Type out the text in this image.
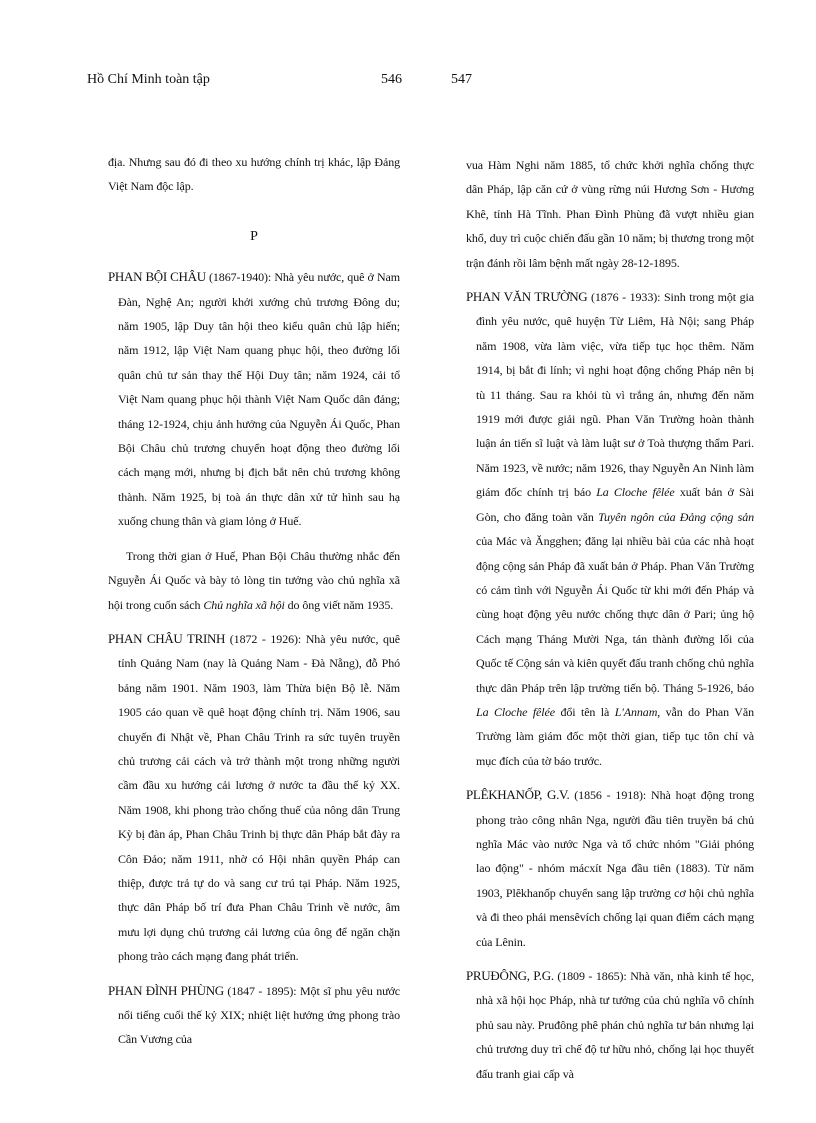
Hồ Chí Minh toàn tập	546	547

địa. Nhưng sau đó đi theo xu hướng chính trị khác, lập Đảng Việt Nam độc lập.

P

PHAN BỘI CHÂU (1867-1940): Nhà yêu nước, quê ở Nam Đàn, Nghệ An; người khởi xướng chủ trương Đông du; năm 1905, lập Duy tân hội theo kiểu quân chủ lập hiến; năm 1912, lập Việt Nam quang phục hội, theo đường lối quân chủ tư sản thay thế Hội Duy tân; năm 1924, cải tổ Việt Nam quang phục hội thành Việt Nam Quốc dân đảng; tháng 12-1924, chịu ảnh hưởng của Nguyễn Ái Quốc, Phan Bội Châu chủ trương chuyển hoạt động theo đường lối cách mạng mới, nhưng bị địch bắt nên chủ trương không thành. Năm 1925, bị toà án thực dân xử tử hình sau hạ xuống chung thân và giam lỏng ở Huế.

Trong thời gian ở Huế, Phan Bội Châu thường nhắc đến Nguyễn Ái Quốc và bày tỏ lòng tin tưởng vào chủ nghĩa xã hội trong cuốn sách Chủ nghĩa xã hội do ông viết năm 1935.

PHAN CHÂU TRINH (1872 - 1926): Nhà yêu nước, quê tỉnh Quảng Nam (nay là Quảng Nam - Đà Nẵng), đỗ Phó bảng năm 1901. Năm 1903, làm Thừa biện Bộ lễ. Năm 1905 cáo quan về quê hoạt động chính trị. Năm 1906, sau chuyến đi Nhật về, Phan Châu Trinh ra sức tuyên truyền chủ trương cải cách và trở thành một trong những người cầm đầu xu hướng cải lương ở nước ta đầu thế kỷ XX. Năm 1908, khi phong trào chống thuế của nông dân Trung Kỳ bị đàn áp, Phan Châu Trinh bị thực dân Pháp bắt đày ra Côn Đảo; năm 1911, nhờ có Hội nhân quyền Pháp can thiệp, được trả tự do và sang cư trú tại Pháp. Năm 1925, thực dân Pháp bố trí đưa Phan Châu Trinh về nước, âm mưu lợi dụng chủ trương cải lương của ông để ngăn chặn phong trào cách mạng đang phát triển.

PHAN ĐÌNH PHÙNG (1847 - 1895): Một sĩ phu yêu nước nổi tiếng cuối thế kỷ XIX; nhiệt liệt hưởng ứng phong trào Cần Vương của

vua Hàm Nghi năm 1885, tổ chức khởi nghĩa chống thực dân Pháp, lập căn cứ ở vùng rừng núi Hương Sơn - Hương Khê, tỉnh Hà Tĩnh. Phan Đình Phùng đã vượt nhiều gian khổ, duy trì cuộc chiến đấu gần 10 năm; bị thương trong một trận đánh rồi lâm bệnh mất ngày 28-12-1895.

PHAN VĂN TRƯỜNG (1876 - 1933): Sinh trong một gia đình yêu nước, quê huyện Từ Liêm, Hà Nội; sang Pháp năm 1908, vừa làm việc, vừa tiếp tục học thêm. Năm 1914, bị bắt đi lính; vì nghi hoạt động chống Pháp nên bị tù 11 tháng. Sau ra khỏi tù vì trắng án, nhưng đến năm 1919 mới được giải ngũ. Phan Văn Trường hoàn thành luận án tiến sĩ luật và làm luật sư ở Toà thượng thẩm Pari. Năm 1923, về nước; năm 1926, thay Nguyễn An Ninh làm giám đốc chính trị báo La Cloche fêlée xuất bản ở Sài Gòn, cho đăng toàn văn Tuyên ngôn của Đảng cộng sản của Mác và Ăngghen; đăng lại nhiều bài của các nhà hoạt động cộng sản Pháp đã xuất bản ở Pháp. Phan Văn Trường có cảm tình với Nguyễn Ái Quốc từ khi mới đến Pháp và cùng hoạt động yêu nước chống thực dân ở Pari; ủng hộ Cách mạng Tháng Mười Nga, tán thành đường lối của Quốc tế Cộng sản và kiên quyết đấu tranh chống chủ nghĩa thực dân Pháp trên lập trường tiến bộ. Tháng 5-1926, báo La Cloche fêlée đổi tên là L'Annam, vẫn do Phan Văn Trường làm giám đốc một thời gian, tiếp tục tôn chỉ và mục đích của tờ báo trước.

PLÊKHANỐP, G.V. (1856 - 1918): Nhà hoạt động trong phong trào công nhân Nga, người đầu tiên truyền bá chủ nghĩa Mác vào nước Nga và tổ chức nhóm "Giải phóng lao động" - nhóm mácxít Nga đầu tiên (1883). Từ năm 1903, Plêkhanốp chuyển sang lập trường cơ hội chủ nghĩa và đi theo phái mensêvích chống lại quan điểm cách mạng của Lênin.

PRUĐÔNG, P.G. (1809 - 1865): Nhà văn, nhà kinh tế học, nhà xã hội học Pháp, nhà tư tưởng của chủ nghĩa vô chính phủ sau này. Pruđông phê phán chủ nghĩa tư bản nhưng lại chủ trương duy trì chế độ tư hữu nhỏ, chống lại học thuyết đấu tranh giai cấp và
